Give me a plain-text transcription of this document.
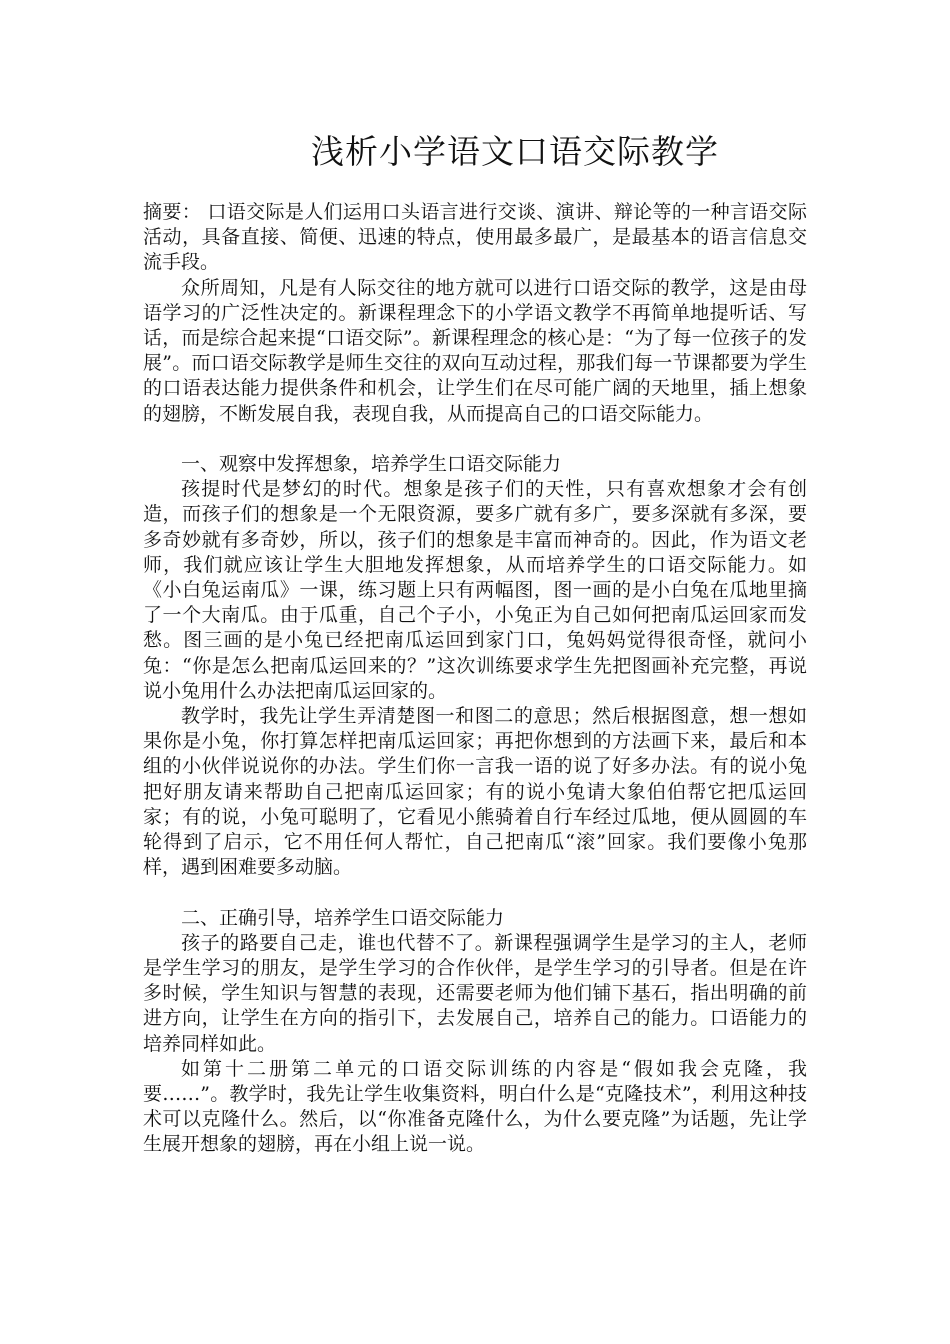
浅析小学语文口语交际教学

摘要： 口语交际是人们运用口头语言进行交谈、演讲、辩论等的一种言语交际活动，具备直接、简便、迅速的特点，使用最多最广，是最基本的语言信息交流手段。

众所周知，凡是有人际交往的地方就可以进行口语交际的教学，这是由母语学习的广泛性决定的。新课程理念下的小学语文教学不再简单地提听话、写话，而是综合起来提“口语交际”。新课程理念的核心是：“为了每一位孩子的发展”。而口语交际教学是师生交往的双向互动过程，那我们每一节课都要为学生的口语表达能力提供条件和机会，让学生们在尽可能广阔的天地里，插上想象的翅膀，不断发展自我，表现自我，从而提高自己的口语交际能力。

一、观察中发挥想象，培养学生口语交际能力

孩提时代是梦幻的时代。想象是孩子们的天性，只有喜欢想象才会有创造，而孩子们的想象是一个无限资源，要多广就有多广，要多深就有多深，要多奇妙就有多奇妙，所以，孩子们的想象是丰富而神奇的。因此，作为语文老师，我们就应该让学生大胆地发挥想象，从而培养学生的口语交际能力。如《小白兔运南瓜》一课，练习题上只有两幅图，图一画的是小白兔在瓜地里摘了一个大南瓜。由于瓜重，自己个子小，小兔正为自己如何把南瓜运回家而发愁。图三画的是小兔已经把南瓜运回到家门口，兔妈妈觉得很奇怪，就问小兔：“你是怎么把南瓜运回来的？”这次训练要求学生先把图画补充完整，再说说小兔用什么办法把南瓜运回家的。

教学时，我先让学生弄清楚图一和图二的意思；然后根据图意，想一想如果你是小兔，你打算怎样把南瓜运回家；再把你想到的方法画下来，最后和本组的小伙伴说说你的办法。学生们你一言我一语的说了好多办法。有的说小兔把好朋友请来帮助自己把南瓜运回家；有的说小兔请大象伯伯帮它把瓜运回家；有的说，小兔可聪明了，它看见小熊骑着自行车经过瓜地，便从圆圆的车轮得到了启示，它不用任何人帮忙，自己把南瓜“滚”回家。我们要像小兔那样，遇到困难要多动脑。

二、正确引导，培养学生口语交际能力

孩子的路要自己走，谁也代替不了。新课程强调学生是学习的主人，老师是学生学习的朋友，是学生学习的合作伙伴，是学生学习的引导者。但是在许多时候，学生知识与智慧的表现，还需要老师为他们铺下基石，指出明确的前进方向，让学生在方向的指引下，去发展自己，培养自己的能力。口语能力的培养同样如此。

如第十二册第二单元的口语交际训练的内容是“假如我会克隆，我要……”。教学时，我先让学生收集资料，明白什么是“克隆技术”，利用这种技术可以克隆什么。然后，以“你准备克隆什么，为什么要克隆”为话题，先让学生展开想象的翅膀，再在小组上说一说。
